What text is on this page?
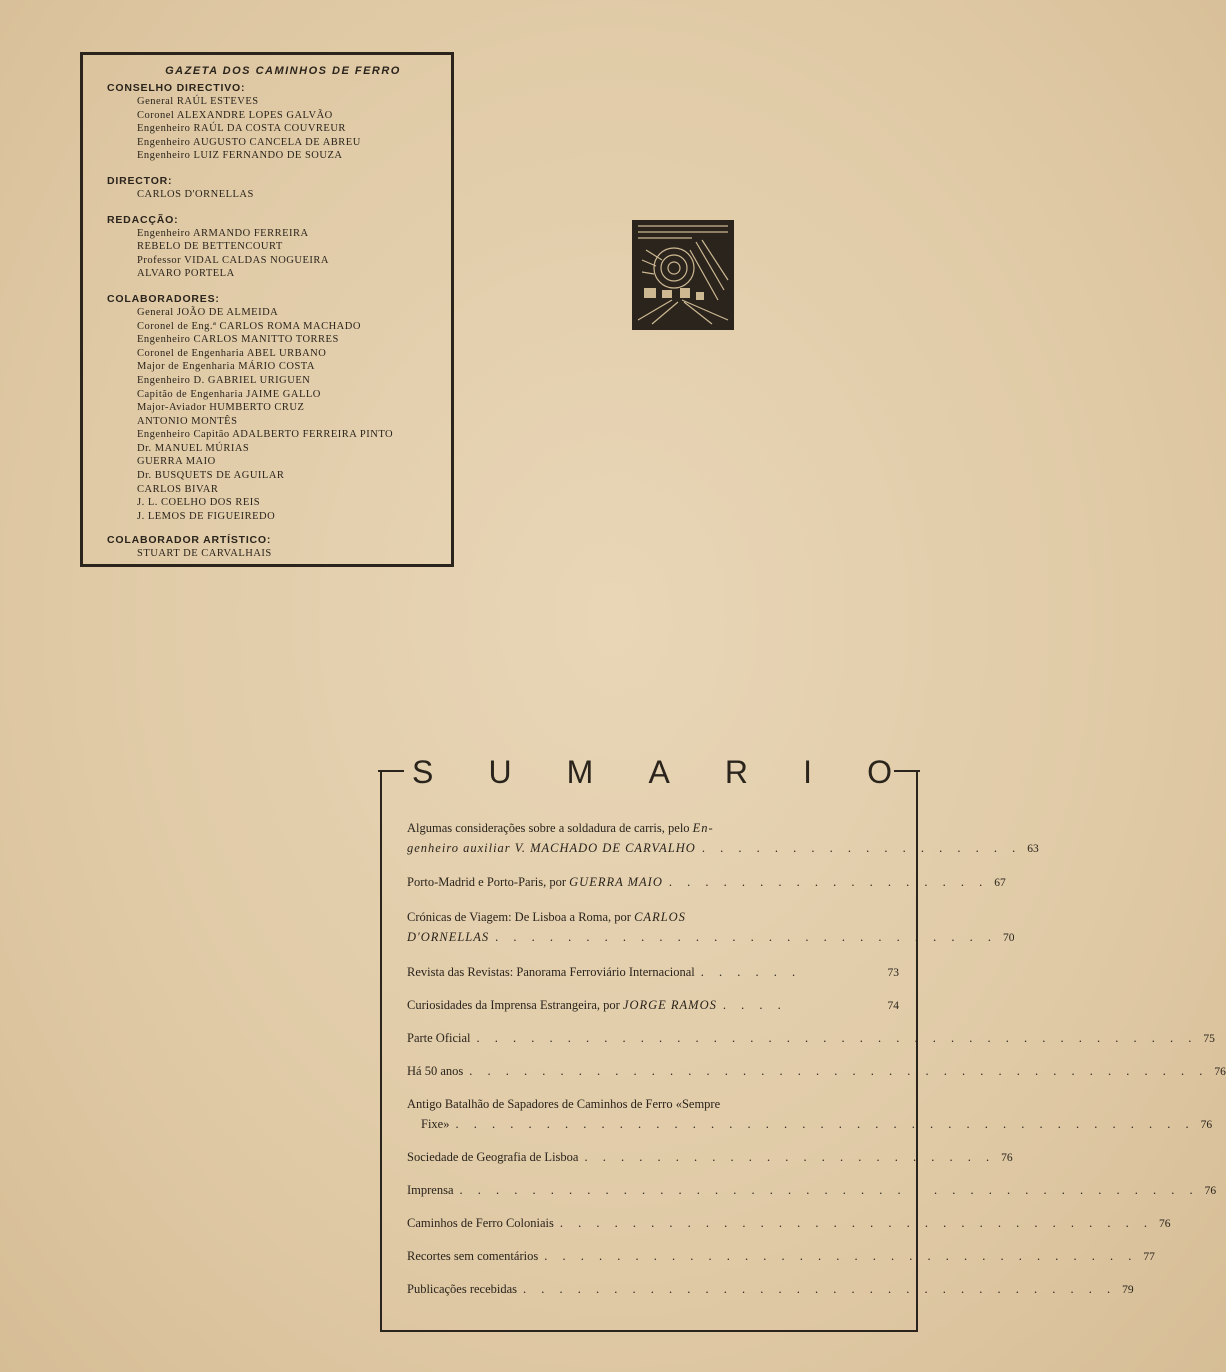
GAZETA DOS CAMINHOS DE FERRO

CONSELHO DIRECTIVO:

General RAÚL ESTEVES
Coronel ALEXANDRE LOPES GALVÃO
Engenheiro RAÚL DA COSTA COUVREUR
Engenheiro AUGUSTO CANCELA DE ABREU
Engenheiro LUIZ FERNANDO DE SOUZA

DIRECTOR:

CARLOS D'ORNELLAS

REDACÇÃO:

Engenheiro ARMANDO FERREIRA
REBELO DE BETTENCOURT
Professor VIDAL CALDAS NOGUEIRA
ALVARO PORTELA

COLABORADORES:

General JOÃO DE ALMEIDA
Coronel de Eng.ª CARLOS ROMA MACHADO
Engenheiro CARLOS MANITTO TORRES
Coronel de Engenharia ABEL URBANO
Major de Engenharia MÁRIO COSTA
Engenheiro D. GABRIEL URIGUEN
Capitão de Engenharia JAIME GALLO
Major-Aviador HUMBERTO CRUZ
ANTONIO MONTÊS
Engenheiro Capitão ADALBERTO FERREIRA PINTO
Dr. MANUEL MÚRIAS
GUERRA MAIO
Dr. BUSQUETS DE AGUILAR
CARLOS BIVAR
J. L. COELHO DOS REIS
J. LEMOS DE FIGUEIREDO

COLABORADOR ARTÍSTICO:

STUART DE CARVALHAIS
S U M A R I O
Algumas considerações sobre a soldadura de carris, pelo En-
genheiro auxiliar V. MACHADO DE CARVALHO . . . . . . . . . . . . . . . . . . 63
Porto-Madrid e Porto-Paris, por GUERRA MAIO . . . . . . . . . . . . . . . . . . 67
Crónicas de Viagem: De Lisboa a Roma, por CARLOS
D'ORNELLAS . . . . . . . . . . . . . . . . . . . . . . . . . . . . 70
Revista das Revistas: Panorama Ferroviário Internacional . . . . . .	73
Curiosidades da Imprensa Estrangeira, por JORGE RAMOS . . . .	74
Parte Oficial . . . . . . . . . . . . . . . . . . . . . . . . . . . . . . . . . . . . . . . . 75
Há 50 anos . . . . . . . . . . . . . . . . . . . . . . . . . . . . . . . . . . . . . . . . . 76
Antigo Batalhão de Sapadores de Caminhos de Ferro «Sempre
Fixe» . . . . . . . . . . . . . . . . . . . . . . . . . . . . . . . . . . . . . . . . . 76
Sociedade de Geografia de Lisboa . . . . . . . . . . . . . . . . . . . . . . . 76
Imprensa . . . . . . . . . . . . . . . . . . . . . . . . . . . . . . . . . . . . . . . . . 76
Caminhos de Ferro Coloniais . . . . . . . . . . . . . . . . . . . . . . . . . . . . . . . . . 76
Recortes sem comentários . . . . . . . . . . . . . . . . . . . . . . . . . . . . . . . . . 77
Publicações recebidas . . . . . . . . . . . . . . . . . . . . . . . . . . . . . . . . . 79
